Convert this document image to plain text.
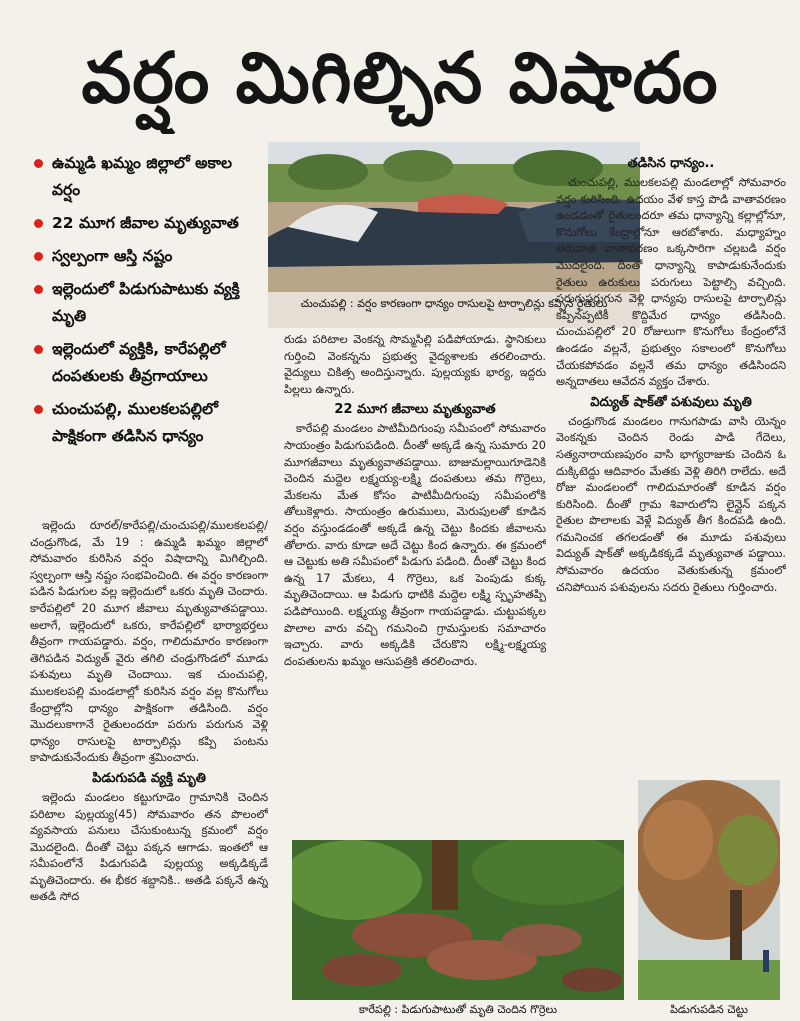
వర్షం మిగిల్చిన విషాదం
ఉమ్మడి ఖమ్మం జిల్లాలో అకాల వర్షం
22 మూగ జీవాల మృత్యువాత
స్వల్పంగా ఆస్తి నష్టం
ఇల్లెందులో పిడుగుపాటుకు వ్యక్తి మృతి
ఇల్లెందులో వ్యక్తికి, కారేపల్లిలో దంపతులకు తీవ్రగాయాలు
చుంచుపల్లి, ములకలపల్లిలో పాక్షికంగా తడిసిన ధాన్యం
చుంచుపల్లి : వర్షం కారణంగా ధాన్యం రాసులపై టార్పాలిన్లు కప్పిన రైతులు

ఇల్లెందు రూరల్/కారేపల్లి/చుంచుపల్లి/ములకలపల్లి/చండ్రుగొండ, మే 19 : ఉమ్మడి ఖమ్మం జిల్లాలో సోమవారం కురిసిన వర్షం విషాదాన్ని మిగిల్చింది. స్వల్పంగా ఆస్తి నష్టం సంభవించింది. ఈ వర్షం కారణంగా పడిన పిడుగుల వల్ల ఇల్లెందులో ఒకరు మృతి చెందారు. కారేపల్లిలో 20 మూగ జీవాలు మృత్యువాతపడ్డాయి. అలాగే, ఇల్లెందులో ఒకరు, కారేపల్లిలో భార్యాభర్తలు తీవ్రంగా గాయపడ్డారు. వర్షం, గాలిదుమారం కారణంగా తెగిపడిన విద్యుత్ వైరు తగిలి చండ్రుగొండలో మూడు పశువులు మృతి చెందాయి. ఇక చుంచుపల్లి, ములకలపల్లి మండలాల్లో కురిసిన వర్షం వల్ల కొనుగోలు కేంద్రాల్లోని ధాన్యం పాక్షికంగా తడిసింది. వర్షం మొదలుకాగానే రైతులందరూ పరుగు పరుగున వెళ్లి ధాన్యం రాసులపై టార్పాలిన్లు కప్పి పంటను కాపాడుకునేందుకు తీవ్రంగా శ్రమించారు.

పిడుగుపడి వ్యక్తి మృతి

ఇల్లెందు మండలం కట్టుగూడెం గ్రామానికి చెందిన పరిటాల పుల్లయ్య(45) సోమవారం తన పొలంలో వ్యవసాయ పనులు చేసుకుంటున్న క్రమంలో వర్షం మొదలైంది. దీంతో చెట్టు పక్కన ఆగాడు. ఇంతలో ఆ సమీపంలోనే పిడుగుపడి పుల్లయ్య అక్కడిక్కడే మృతిచెందారు. ఈ భీకర శబ్దానికి.. అతడి పక్కనే ఉన్న అతడి సోద

రుడు పరిటాల వెంకన్న సొమ్మసిల్లి పడిపోయాడు. స్థానికులు గుర్తించి వెంకన్నను ప్రభుత్వ వైద్యశాలకు తరలించారు. వైద్యులు చికిత్స అందిస్తున్నారు. పుల్లయ్యకు భార్య, ఇద్దరు పిల్లలు ఉన్నారు.

22 మూగ జీవాలు మృత్యువాత

కారేపల్లి మండలం పాటిమీదిగుంపు సమీపంలో సోమవారం సాయంత్రం పిడుగుపడింది. దీంతో అక్కడే ఉన్న సుమారు 20 మూగజీవాలు మృత్యువాతపడ్డాయి. బాజుమల్లాయిగూడెనికి చెందిన మద్దెల లక్ష్మయ్య-లక్ష్మి దంపతులు తమ గొర్రెలు, మేకలను మేత కోసం పాటిమీదిగుంపు సమీపంలోకి తోలుకెళ్లారు. సాయంత్రం ఉరుములు, మెరుపులతో కూడిన వర్షం వస్తుండడంతో అక్కడే ఉన్న చెట్టు కిందకు జీవాలను తోలారు. వారు కూడా అదే చెట్టు కింద ఉన్నారు. ఈ క్రమంలో ఆ చెట్టుకు అతి సమీపంలో పిడుగు పడింది. దీంతో చెట్టు కింద ఉన్న 17 మేకలు, 4 గొర్రెలు, ఒక పెంపుడు కుక్క మృతిచెందాయి. ఆ పిడుగు ధాటికి మద్దెల లక్ష్మి స్పృహతప్పి పడిపోయింది. లక్ష్మయ్య తీవ్రంగా గాయపడ్డాడు. చుట్టుపక్కల పొలాల వారు వచ్చి గమనించి గ్రామస్తులకు సమాచారం ఇచ్చారు. వారు అక్కడికి చేరుకొని లక్ష్మి-లక్ష్మయ్య దంపతులను ఖమ్మం ఆసుపత్రికి తరలించారు.

తడిసిన ధాన్యం..

చుంచుపల్లి, ములకలపల్లి మండలాల్లో సోమవారం వర్షం కురిసింది. ఉదయం వేళ కాస్త పొడి వాతావరణం ఉండడంతో రైతులందరూ తమ ధాన్యాన్ని కల్లాల్లోనూ, కొనుగోలు కేంద్రాల్లోనూ ఆరబోశారు. మధ్యాహ్నం తరువాత వాతావరణం ఒక్కసారిగా చల్లబడి వర్షం మొదలైంది. దీంతో ధాన్యాన్ని కాపాడుకునేందుకు రైతులు ఉరుకులు పరుగులు పెట్టాల్సి వచ్చింది. పరుగుపరుగున వెళ్లి ధాన్యపు రాసులపై టార్పాలిన్లు కప్పినప్పటికీ కొద్దిమేర ధాన్యం తడిసింది. చుంచుపల్లిలో 20 రోజులుగా కొనుగోలు కేంద్రంలోనే ఉండడం వల్లనే, ప్రభుత్వం సకాలంలో కొనుగోలు చేయకపోవడం వల్లనే తమ ధాన్యం తడిసిందని అన్నదాతలు ఆవేదన వ్యక్తం చేశారు.

విద్యుత్ షాక్‌తో పశువులు మృతి

చండ్రుగొండ మండలం గానుగపాడు వాసి యెన్నం వెంకన్నకు చెందిన రెండు పాడి గేదెలు, సత్యనారాయణపురం వాసి భాగ్యరాజుకు చెందిన ఓ దుక్కిటెద్దు ఆదివారం మేతకు వెళ్లి తిరిగి రాలేదు. అదే రోజు మండలంలో గాలిదుమారంతో కూడిన వర్షం కురిసింది. దీంతో గ్రామ శివారులోని లైన్లైన్ పక్కన రైతుల పొలాలకు వెళ్లే విద్యుత్ తీగ కిందపడి ఉంది. గమనించక తగలడంతో ఈ మూడు పశువులు విద్యుత్ షాక్‌తో అక్కడికక్కడే మృత్యువాత పడ్డాయి. సోమవారం ఉదయం వెతుకుతున్న క్రమంలో చనిపోయిన పశువులను సదరు రైతులు గుర్తించారు.

కారేపల్లి : పిడుగుపాటుతో మృతి చెందిన గొర్రెలు	పిడుగుపడిన చెట్టు
